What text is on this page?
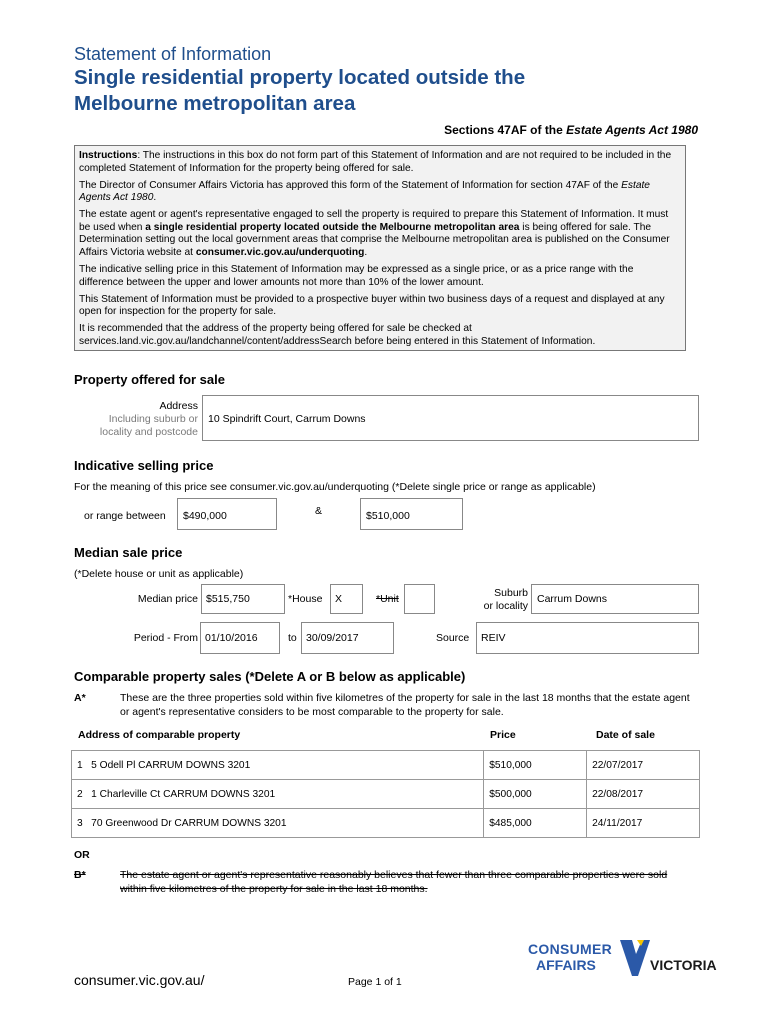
Statement of Information
Single residential property located outside the
Melbourne metropolitan area
Sections 47AF of the Estate Agents Act 1980

Instructions: The instructions in this box do not form part of this Statement of Information and are not required to be included in the completed Statement of Information for the property being offered for sale.

The Director of Consumer Affairs Victoria has approved this form of the Statement of Information for section 47AF of the Estate Agents Act 1980.

The estate agent or agent's representative engaged to sell the property is required to prepare this Statement of Information. It must be used when a single residential property located outside the Melbourne metropolitan area is being offered for sale. The Determination setting out the local government areas that comprise the Melbourne metropolitan area is published on the Consumer Affairs Victoria website at consumer.vic.gov.au/underquoting.

The indicative selling price in this Statement of Information may be expressed as a single price, or as a price range with the difference between the upper and lower amounts not more than 10% of the lower amount.

This Statement of Information must be provided to a prospective buyer within two business days of a request and displayed at any open for inspection for the property for sale.

It is recommended that the address of the property being offered for sale be checked at services.land.vic.gov.au/landchannel/content/addressSearch before being entered in this Statement of Information.

Property offered for sale
Address
Including suburb or
locality and postcode
10 Spindrift Court, Carrum Downs
Indicative selling price
For the meaning of this price see consumer.vic.gov.au/underquoting (*Delete single price or range as applicable)
or range between	$490,000	&	$510,000
Median sale price
(*Delete house or unit as applicable)
Median price $515,750	*House	X	*Unit	Suburb
or locality
Carrum Downs
Period - From 01/10/2016	to 30/09/2017	Source	REIV
Comparable property sales (*Delete A or B below as applicable)
A*	These are the three properties sold within five kilometres of the property for sale in the last 18 months that the estate agent or agent's representative considers to be most comparable to the property for sale.
Address of comparable property	Price	Date of sale
1 5 Odell Pl CARRUM DOWNS 3201	$510,000	22/07/2017
2 1 Charleville Ct CARRUM DOWNS 3201	$500,000	22/08/2017
3 70 Greenwood Dr CARRUM DOWNS 3201	$485,000	24/11/2017
OR
B*	The estate agent or agent's representative reasonably believes that fewer than three comparable properties were sold within five kilometres of the property for sale in the last 18 months.
CONSUMER
AFFAIRS	VICTORIA
consumer.vic.gov.au/	Page 1 of 1
